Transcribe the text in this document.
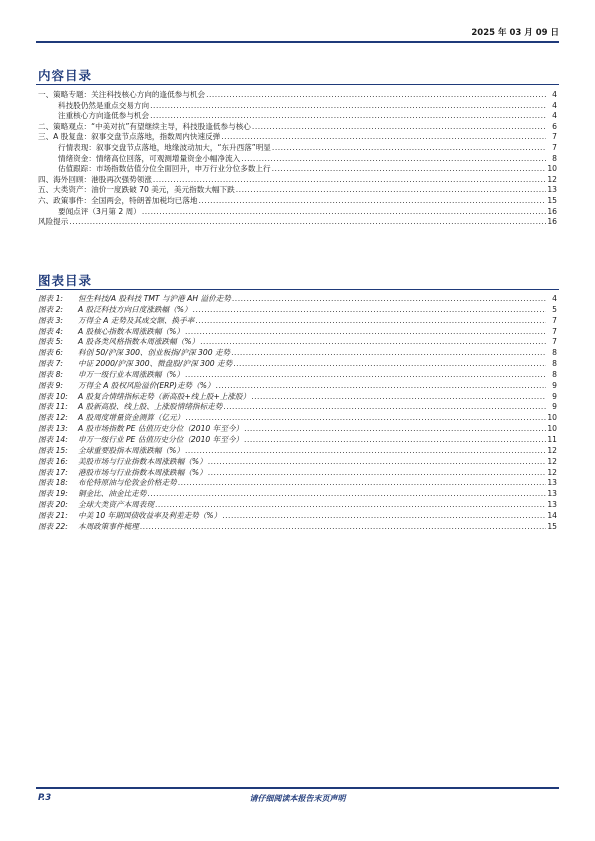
2025 年 03 月 09 日
内容目录
一、策略专题：关注科技核心方向的逢低参与机会 .....	4
科技股仍然是重点交易方向 .....	4
注重核心方向逢低参与机会 .....	4
二、策略观点：“中美对抗”有望继续主导，科技股逢低参与核心 .....	6
三、A 股复盘：叙事交盘节点落地，指数周内快速反弹 .....	7
行情表现：叙事交盘节点落地，地缘波动加大，“东升西落”明显 .....	7
情绪资金：情绪高位回落，可观测增量资金小幅净流入 .....	8
估值跟踪：市场指数估值分位全面回升，申万行业分位多数上行 .....	10
四、海外回顾：港股再次强势领涨 .....	12
五、大类资产：油价一度跌破 70 美元，美元指数大幅下跌 .....	13
六、政策事件：全国两会，特朗普加税均已落地 .....	15
要闻点评（3月第 2 周） .....	16
风险提示 .....	16
图表目录
图表 1:	恒生科技/A 股科技 TMT 与沪港 AH 溢价走势 .....	4
图表 2:	A 股泛科技方向日度涨跌幅（%） .....	5
图表 3:	万得全 A 走势及其成交额、换手率 .....	7
图表 4:	A 股核心指数本周涨跌幅（%） .....	7
图表 5:	A 股各类风格指数本周涨跌幅（%） .....	7
图表 6:	科创 50/沪深 300、创业板指/沪深 300 走势 .....	8
图表 7:	中证 2000/沪深 300、微盘股/沪深 300 走势 .....	8
图表 8:	申万一级行业本周涨跌幅（%） .....	8
图表 9:	万得全 A 股权风险溢价(ERP)走势（%） .....	9
图表 10:	A 股复合情绪指标走势（新高股+线上股+上涨股） .....	9
图表 11:	A 股新高股、线上股、上涨股情绪指标走势 .....	9
图表 12:	A 股周度增量资金测算（亿元） .....	10
图表 13:	A 股市场指数 PE 估值历史分位（2010 年至今） .....	10
图表 14:	申万一级行业 PE 估值历史分位（2010 年至今） .....	11
图表 15:	全球重要股指本周涨跌幅（%） .....	12
图表 16:	美股市场与行业指数本周涨跌幅（%） .....	12
图表 17:	港股市场与行业指数本周涨跌幅（%） .....	12
图表 18:	布伦特原油与伦敦金价格走势 .....	13
图表 19:	铜金比、油金比走势 .....	13
图表 20:	全球大类资产本周表现 .....	13
图表 21:	中美 10 年期国债收益率及利差走势（%） .....	14
图表 22:	本周政策事件梳理 .....	15
P.3	请仔细阅读本报告末页声明
